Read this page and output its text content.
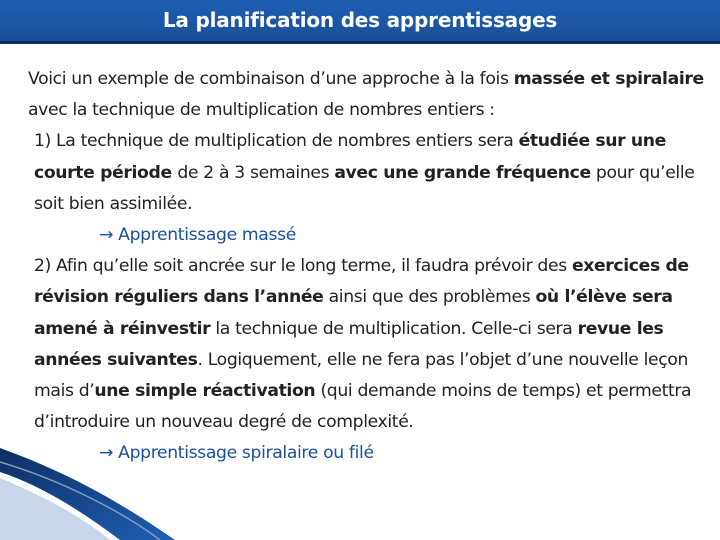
La planification des apprentissages

Voici un exemple de combinaison d’une approche à la fois massée et spiralaire avec la technique de multiplication de nombres entiers :

1) La technique de multiplication de nombres entiers sera étudiée sur une courte période de 2 à 3 semaines avec une grande fréquence pour qu’elle soit bien assimilée.

→ Apprentissage massé

2) Afin qu’elle soit ancrée sur le long terme, il faudra prévoir des exercices de révision réguliers dans l’année ainsi que des problèmes où l’élève sera amené à réinvestir la technique de multiplication. Celle-ci sera revue les années suivantes. Logiquement, elle ne fera pas l’objet d’une nouvelle leçon mais d’une simple réactivation (qui demande moins de temps) et permettra d’introduire un nouveau degré de complexité.

→ Apprentissage spiralaire ou filé
